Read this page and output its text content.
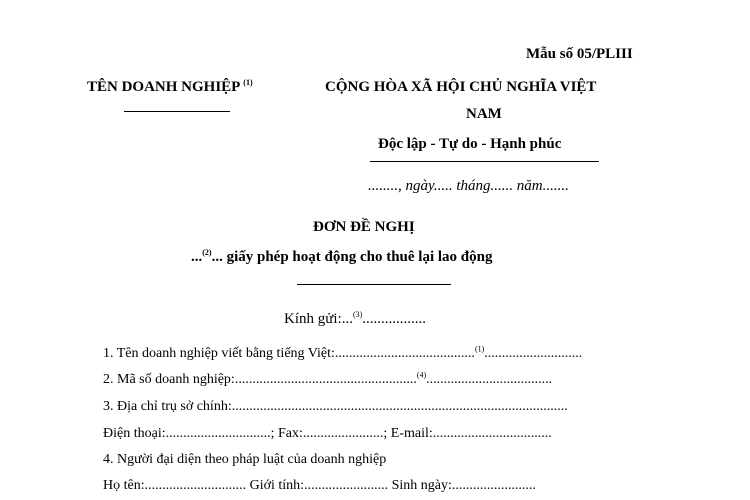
Mẫu số 05/PLIII
TÊN DOANH NGHIỆP $^{(1)}$	CỘNG HÒA XÃ HỘI CHỦ NGHĨA VIỆT
NAM
Độc lập - Tự do - Hạnh phúc
........, ngày..... tháng...... năm.......
ĐƠN ĐỀ NGHỊ
...$^{(2)}$... giấy phép hoạt động cho thuê lại lao động
Kính gửi:...$^{(3)}$.................
1. Tên doanh nghiệp viết bằng tiếng Việt:........................................$^{(1)}$............................
2. Mã số doanh nghiệp:....................................................$^{(4)}$....................................
3. Địa chỉ trụ sở chính:................................................................................................
Điện thoại:..............................; Fax:.......................; E-mail:..................................
4. Người đại diện theo pháp luật của doanh nghiệp
Họ tên:............................. Giới tính:........................ Sinh ngày:........................
